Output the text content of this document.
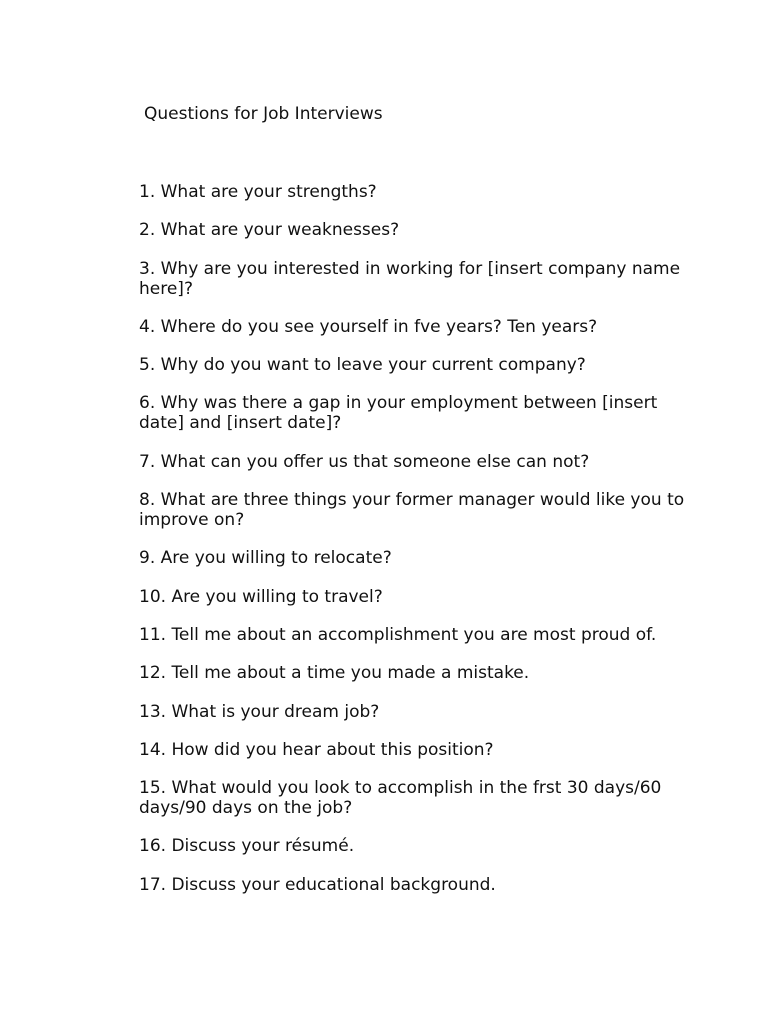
Questions for Job Interviews
1. What are your strengths?
2. What are your weaknesses?
3. Why are you interested in working for [insert company name here]?
4. Where do you see yourself in fve years? Ten years?
5. Why do you want to leave your current company?
6. Why was there a gap in your employment between [insert date] and [insert date]?
7. What can you offer us that someone else can not?
8. What are three things your former manager would like you to improve on?
9. Are you willing to relocate?
10. Are you willing to travel?
11. Tell me about an accomplishment you are most proud of.
12. Tell me about a time you made a mistake.
13. What is your dream job?
14. How did you hear about this position?
15. What would you look to accomplish in the frst 30 days/60 days/90 days on the job?
16. Discuss your résumé.
17. Discuss your educational background.
